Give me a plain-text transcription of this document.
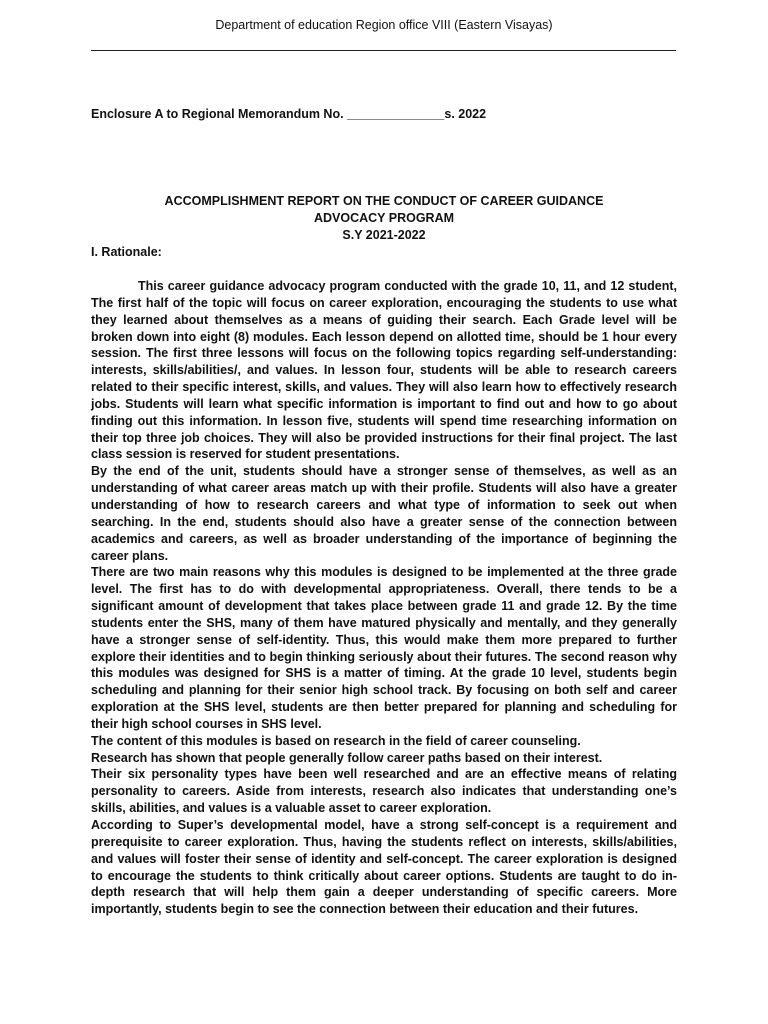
Department of education Region office VIII (Eastern Visayas)
Enclosure A to Regional Memorandum No. ______________s. 2022
ACCOMPLISHMENT REPORT ON THE CONDUCT OF CAREER GUIDANCE
ADVOCACY PROGRAM
S.Y 2021-2022
I. Rationale:

This career guidance advocacy program conducted with the grade 10, 11, and 12 student, The first half of the topic will focus on career exploration, encouraging the students to use what they learned about themselves as a means of guiding their search. Each Grade level will be broken down into eight (8) modules. Each lesson depend on allotted time, should be 1 hour every session. The first three lessons will focus on the following topics regarding self-understanding: interests, skills/abilities/, and values. In lesson four, students will be able to research careers related to their specific interest, skills, and values. They will also learn how to effectively research jobs. Students will learn what specific information is important to find out and how to go about finding out this information. In lesson five, students will spend time researching information on their top three job choices. They will also be provided instructions for their final project. The last class session is reserved for student presentations.

By the end of the unit, students should have a stronger sense of themselves, as well as an understanding of what career areas match up with their profile. Students will also have a greater understanding of how to research careers and what type of information to seek out when searching. In the end, students should also have a greater sense of the connection between academics and careers, as well as broader understanding of the importance of beginning the career plans.

There are two main reasons why this modules is designed to be implemented at the three grade level. The first has to do with developmental appropriateness. Overall, there tends to be a significant amount of development that takes place between grade 11 and grade 12. By the time students enter the SHS, many of them have matured physically and mentally, and they generally have a stronger sense of self-identity. Thus, this would make them more prepared to further explore their identities and to begin thinking seriously about their futures. The second reason why this modules was designed for SHS is a matter of timing. At the grade 10 level, students begin scheduling and planning for their senior high school track. By focusing on both self and career exploration at the SHS level, students are then better prepared for planning and scheduling for their high school courses in SHS level.

The content of this modules is based on research in the field of career counseling.

Research has shown that people generally follow career paths based on their interest.

Their six personality types have been well researched and are an effective means of relating personality to careers. Aside from interests, research also indicates that understanding one’s skills, abilities, and values is a valuable asset to career exploration.

According to Super’s developmental model, have a strong self-concept is a requirement and prerequisite to career exploration. Thus, having the students reflect on interests, skills/abilities, and values will foster their sense of identity and self-concept. The career exploration is designed to encourage the students to think critically about career options. Students are taught to do in-depth research that will help them gain a deeper understanding of specific careers. More importantly, students begin to see the connection between their education and their futures.
